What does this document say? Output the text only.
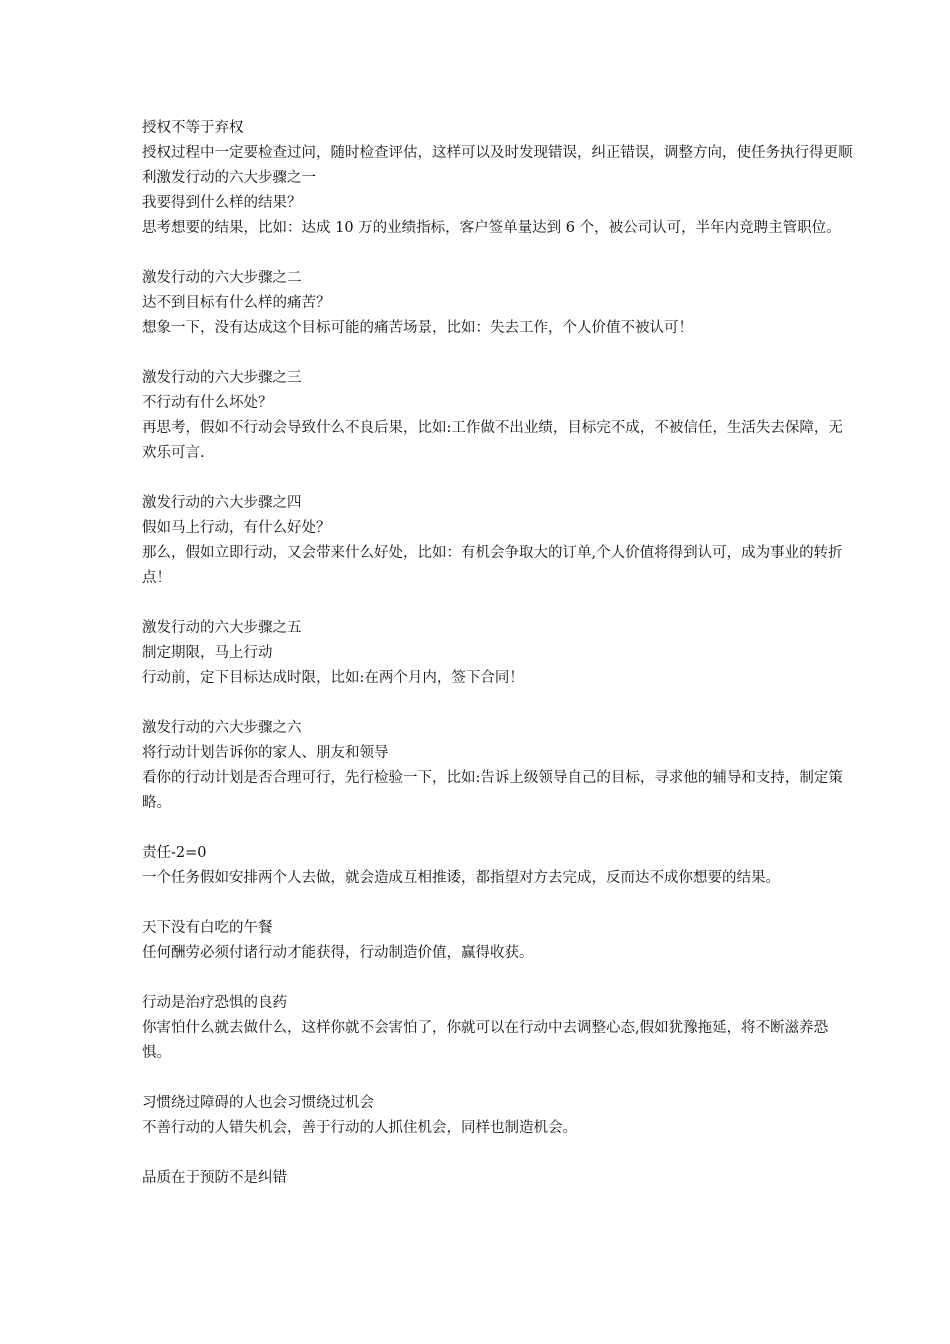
授权不等于弃权
授权过程中一定要检查过问，随时检查评估，这样可以及时发现错误，纠正错误，调整方向，使任务执行得更顺利激发行动的六大步骤之一
我要得到什么样的结果？
思考想要的结果，比如：达成 10 万的业绩指标，客户签单量达到 6 个，被公司认可，半年内竞聘主管职位。
激发行动的六大步骤之二
达不到目标有什么样的痛苦？
想象一下，没有达成这个目标可能的痛苦场景，比如：失去工作，个人价值不被认可！
激发行动的六大步骤之三
不行动有什么坏处？
再思考，假如不行动会导致什么不良后果，比如:工作做不出业绩，目标完不成，不被信任，生活失去保障，无欢乐可言.
激发行动的六大步骤之四
假如马上行动，有什么好处？
那么，假如立即行动，又会带来什么好处，比如：有机会争取大的订单,个人价值将得到认可，成为事业的转折点！
激发行动的六大步骤之五
制定期限，马上行动
行动前，定下目标达成时限，比如:在两个月内，签下合同！
激发行动的六大步骤之六
将行动计划告诉你的家人、朋友和领导
看你的行动计划是否合理可行，先行检验一下，比如:告诉上级领导自己的目标，寻求他的辅导和支持，制定策略。
责任-2=0
一个任务假如安排两个人去做，就会造成互相推诿，都指望对方去完成，反而达不成你想要的结果。
天下没有白吃的午餐
任何酬劳必须付诸行动才能获得，行动制造价值，赢得收获。
行动是治疗恐惧的良药
你害怕什么就去做什么，这样你就不会害怕了，你就可以在行动中去调整心态,假如犹豫拖延，将不断滋养恐惧。
习惯绕过障碍的人也会习惯绕过机会
不善行动的人错失机会，善于行动的人抓住机会，同样也制造机会。
品质在于预防不是纠错
